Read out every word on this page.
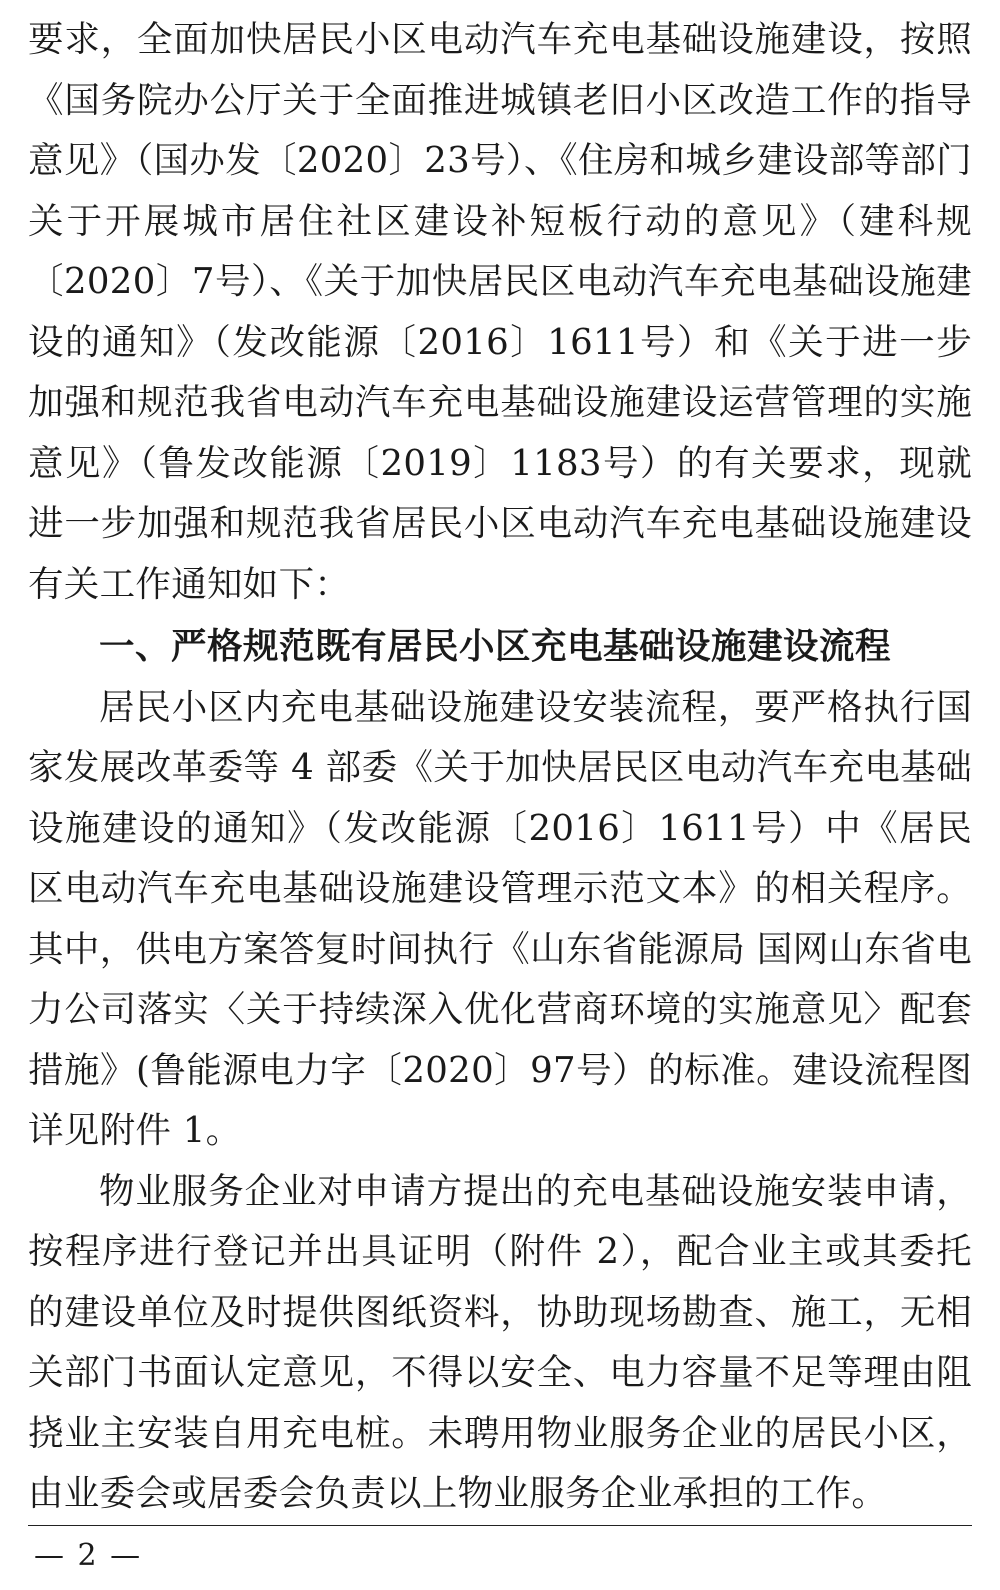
要求，全面加快居民小区电动汽车充电基础设施建设，按照《国务院办公厅关于全面推进城镇老旧小区改造工作的指导意见》（国办发〔2020〕23号）、《住房和城乡建设部等部门关于开展城市居住社区建设补短板行动的意见》（建科规〔2020〕7号）、《关于加快居民区电动汽车充电基础设施建设的通知》（发改能源〔2016〕1611号）和《关于进一步加强和规范我省电动汽车充电基础设施建设运营管理的实施意见》（鲁发改能源〔2019〕1183号）的有关要求，现就进一步加强和规范我省居民小区电动汽车充电基础设施建设有关工作通知如下：

一、严格规范既有居民小区充电基础设施建设流程

居民小区内充电基础设施建设安装流程，要严格执行国家发展改革委等 4 部委《关于加快居民区电动汽车充电基础设施建设的通知》（发改能源〔2016〕1611号）中《居民区电动汽车充电基础设施建设管理示范文本》的相关程序。其中，供电方案答复时间执行《山东省能源局 国网山东省电力公司落实〈关于持续深入优化营商环境的实施意见〉配套措施》(鲁能源电力字〔2020〕97号）的标准。建设流程图详见附件 1。

物业服务企业对申请方提出的充电基础设施安装申请，按程序进行登记并出具证明（附件 2），配合业主或其委托的建设单位及时提供图纸资料，协助现场勘查、施工，无相关部门书面认定意见，不得以安全、电力容量不足等理由阻挠业主安装自用充电桩。未聘用物业服务企业的居民小区，由业委会或居委会负责以上物业服务企业承担的工作。

— 2 —
